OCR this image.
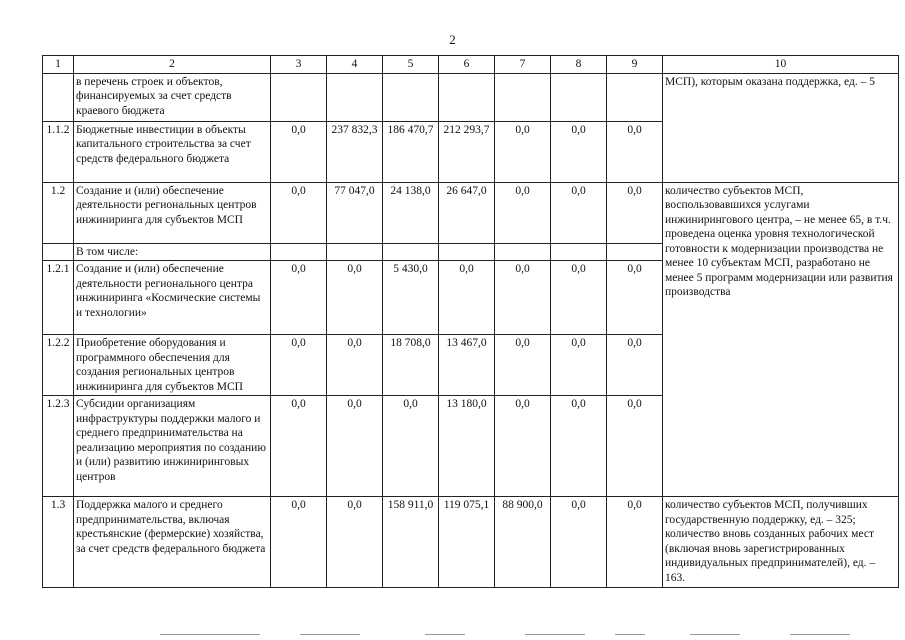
2
1	2	3	4	5	6	7	8	9	10
	в перечень строек и объектов, финансируемых за счет средств краевого бюджета								МСП), которым оказана поддержка, ед. – 5
1.1.2	Бюджетные инвестиции в объекты капитального строительства за счет средств федерального бюджета	0,0	237 832,3	186 470,7	212 293,7	0,0	0,0	0,0	
1.2	Создание и (или) обеспечение деятельности региональных центров инжиниринга для субъектов МСП	0,0	77 047,0	24 138,0	26 647,0	0,0	0,0	0,0	количество субъектов МСП, воспользовавшихся услугами инжинирингового центра, – не менее 65, в т.ч. проведена оценка уровня технологической готовности к модернизации производства не менее 10 субъектам МСП, разработано не менее 5 программ модернизации или развития производства
	В том числе:								
1.2.1	Создание и (или) обеспечение деятельности регионального центра инжиниринга «Космические системы и технологии»	0,0	0,0	5 430,0	0,0	0,0	0,0	0,0	
1.2.2	Приобретение оборудования и программного обеспечения для создания региональных центров инжиниринга для субъектов МСП	0,0	0,0	18 708,0	13 467,0	0,0	0,0	0,0	
1.2.3	Субсидии организациям инфраструктуры поддержки малого и среднего предпринимательства на реализацию мероприятия по созданию и (или) развитию инжиниринговых центров	0,0	0,0	0,0	13 180,0	0,0	0,0	0,0	
1.3	Поддержка малого и среднего предпринимательства, включая крестьянские (фермерские) хозяйства, за счет средств федерального бюджета	0,0	0,0	158 911,0	119 075,1	88 900,0	0,0	0,0	количество субъектов МСП, получивших государственную поддержку, ед. – 325; количество вновь созданных рабочих мест (включая вновь зарегистрированных индивидуальных предпринимателей), ед. – 163.
